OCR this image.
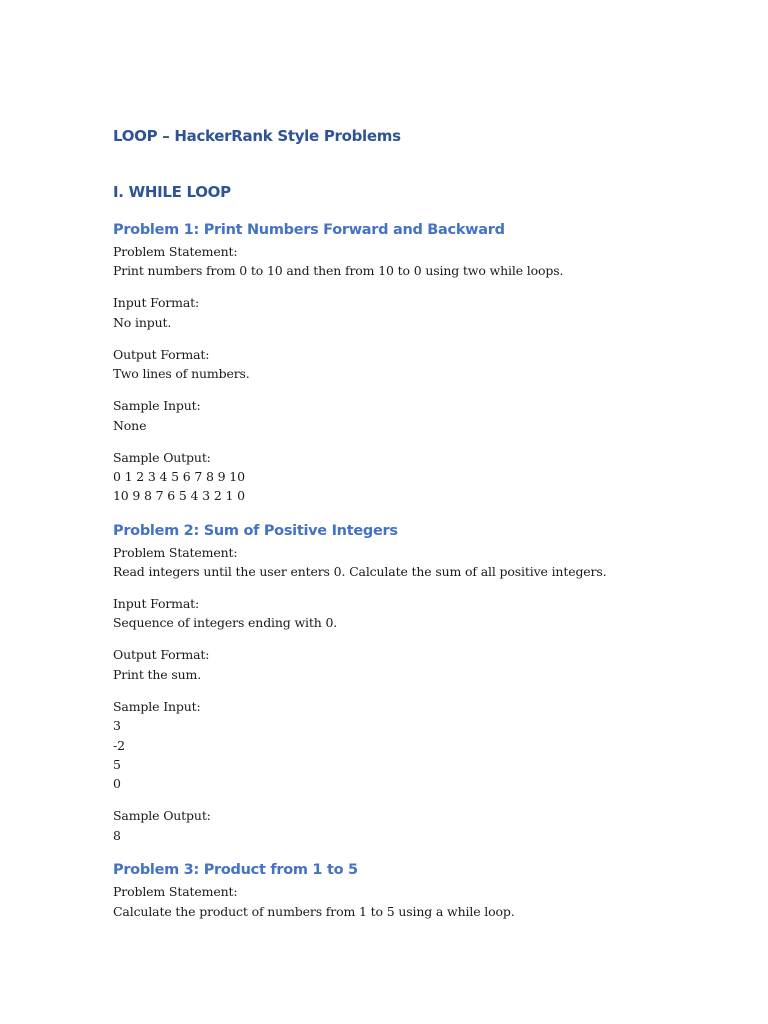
LOOP – HackerRank Style Problems
I. WHILE LOOP
Problem 1: Print Numbers Forward and Backward
Problem Statement:
Print numbers from 0 to 10 and then from 10 to 0 using two while loops.
Input Format:
No input.
Output Format:
Two lines of numbers.
Sample Input:
None
Sample Output:
0 1 2 3 4 5 6 7 8 9 10
10 9 8 7 6 5 4 3 2 1 0
Problem 2: Sum of Positive Integers
Problem Statement:
Read integers until the user enters 0. Calculate the sum of all positive integers.
Input Format:
Sequence of integers ending with 0.
Output Format:
Print the sum.
Sample Input:
3
-2
5
0
Sample Output:
8
Problem 3: Product from 1 to 5
Problem Statement:
Calculate the product of numbers from 1 to 5 using a while loop.
